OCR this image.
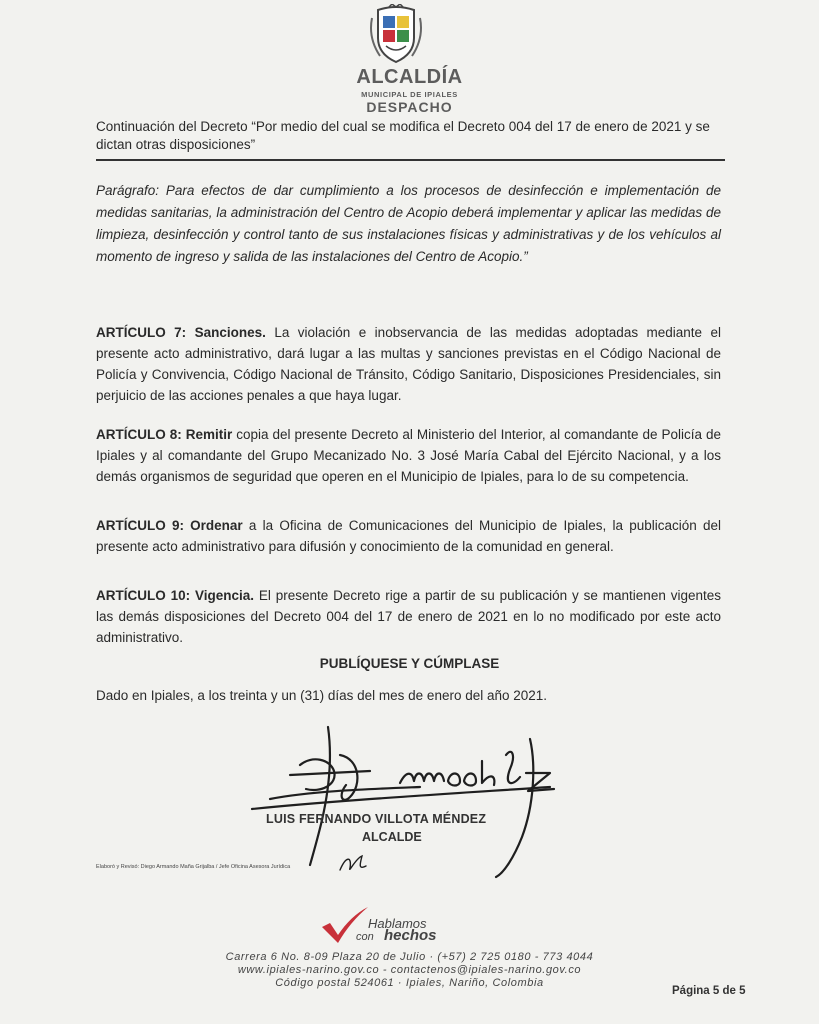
ALCALDÍA
MUNICIPAL DE IPIALES
DESPACHO
Continuación del Decreto “Por medio del cual se modifica el Decreto 004 del 17 de enero de 2021 y se dictan otras disposiciones”
Parágrafo: Para efectos de dar cumplimiento a los procesos de desinfección e implementación de medidas sanitarias, la administración del Centro de Acopio deberá implementar y aplicar las medidas de limpieza, desinfección y control tanto de sus instalaciones físicas y administrativas y de los vehículos al momento de ingreso y salida de las instalaciones del Centro de Acopio.”
ARTÍCULO 7: Sanciones. La violación e inobservancia de las medidas adoptadas mediante el presente acto administrativo, dará lugar a las multas y sanciones previstas en el Código Nacional de Policía y Convivencia, Código Nacional de Tránsito, Código Sanitario, Disposiciones Presidenciales, sin perjuicio de las acciones penales a que haya lugar.
ARTÍCULO 8: Remitir copia del presente Decreto al Ministerio del Interior, al comandante de Policía de Ipiales y al comandante del Grupo Mecanizado No. 3 José María Cabal del Ejército Nacional, y a los demás organismos de seguridad que operen en el Municipio de Ipiales, para lo de su competencia.
ARTÍCULO 9: Ordenar a la Oficina de Comunicaciones del Municipio de Ipiales, la publicación del presente acto administrativo para difusión y conocimiento de la comunidad en general.
ARTÍCULO 10: Vigencia. El presente Decreto rige a partir de su publicación y se mantienen vigentes las demás disposiciones del Decreto 004 del 17 de enero de 2021 en lo no modificado por este acto administrativo.
PUBLÍQUESE Y CÚMPLASE
Dado en Ipiales, a los treinta y un (31) días del mes de enero del año 2021.
LUIS FERNANDO VILLOTA MÉNDEZ
ALCALDE
Elaboró y Revisó: Diego Armando Maña Grijalba / Jefe Oficina Asesora Jurídica
Hablamos
con hechos
Carrera 6 No. 8-09 Plaza 20 de Julio · (+57) 2 725 0180 - 773 4044
www.ipiales-narino.gov.co - contactenos@ipiales-narino.gov.co
Código postal 524061 · Ipiales, Nariño, Colombia
Página 5 de 5
